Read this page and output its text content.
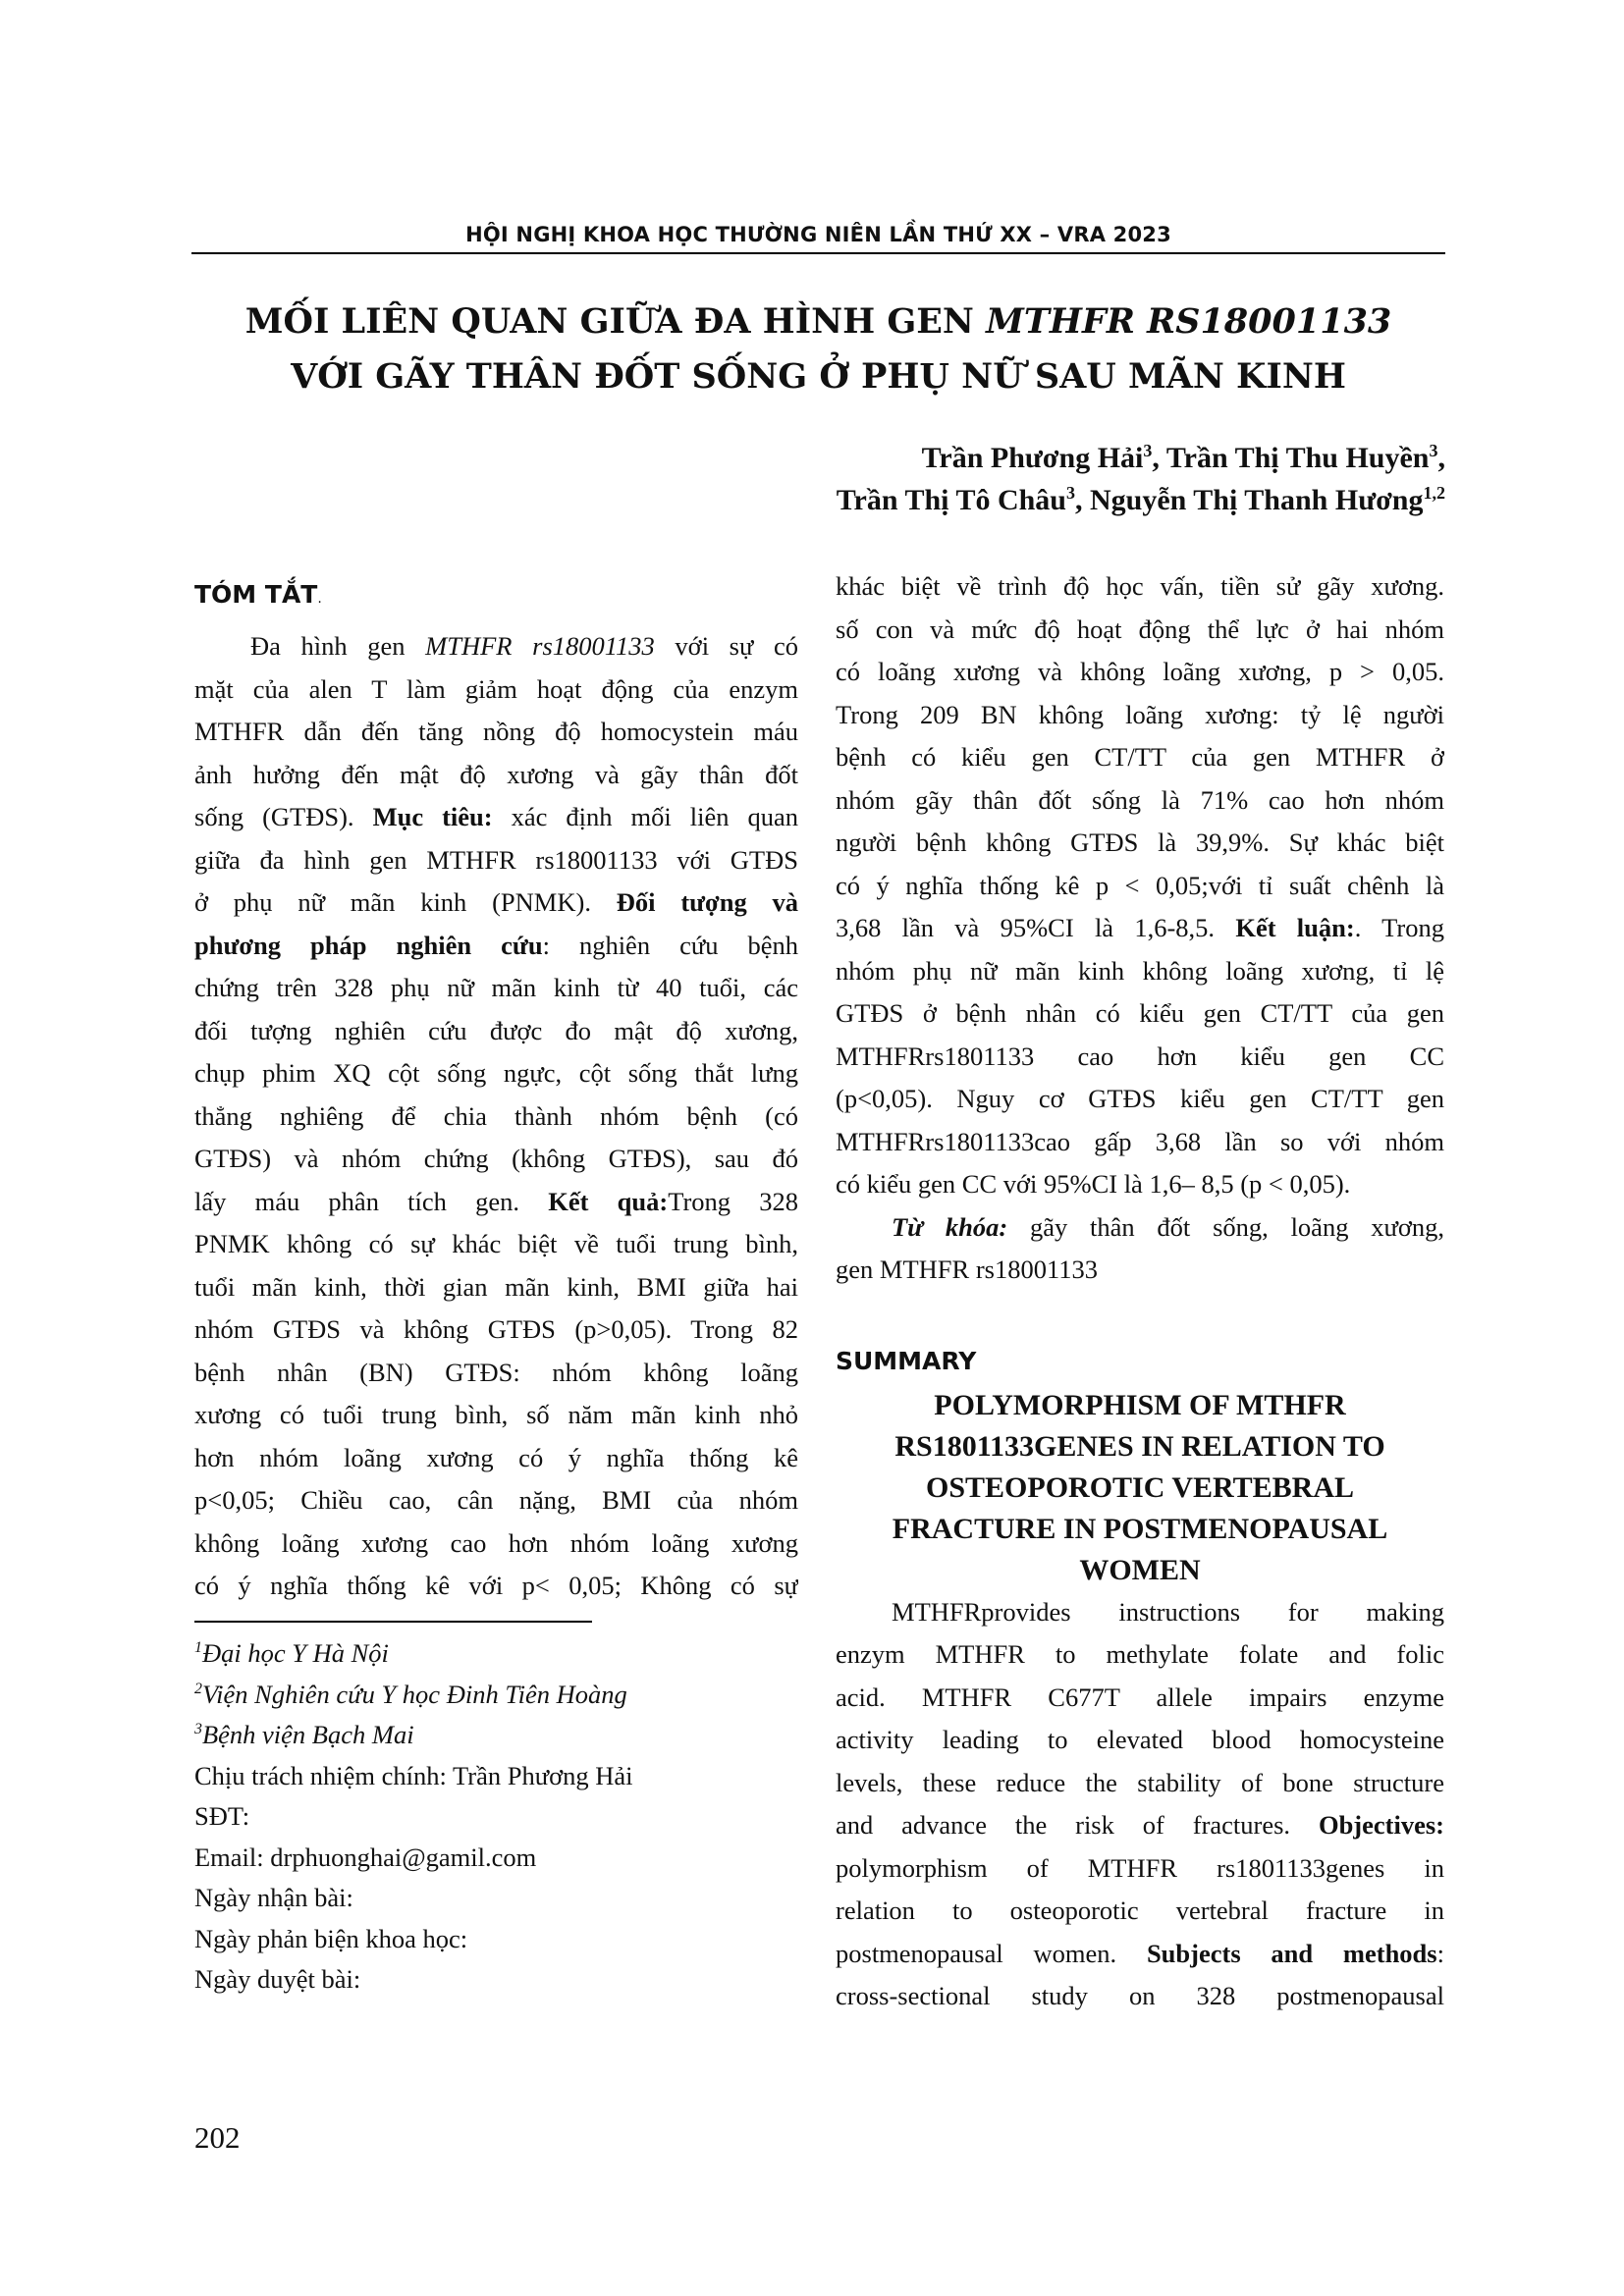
HỘI NGHỊ KHOA HỌC THƯỜNG NIÊN LẦN THỨ XX – VRA 2023
MỐI LIÊN QUAN GIỮA ĐA HÌNH GEN MTHFR RS18001133
VỚI GÃY THÂN ĐỐT SỐNG Ở PHỤ NỮ SAU MÃN KINH
Trần Phương Hải$^3$, Trần Thị Thu Huyền$^3$,
Trần Thị Tô Châu$^3$, Nguyễn Thị Thanh Hương$^{1,2}$
TÓM TẮT.
Đa hình gen MTHFR rs18001133 với sự có
mặt của alen T làm giảm hoạt động của enzym
MTHFR dẫn đến tăng nồng độ homocystein máu
ảnh hưởng đến mật độ xương và gãy thân đốt
sống (GTĐS). Mục tiêu: xác định mối liên quan
giữa đa hình gen MTHFR rs18001133 với GTĐS
ở phụ nữ mãn kinh (PNMK). Đối tượng và
phương pháp nghiên cứu: nghiên cứu bệnh
chứng trên 328 phụ nữ mãn kinh từ 40 tuổi, các
đối tượng nghiên cứu được đo mật độ xương,
chụp phim XQ cột sống ngực, cột sống thắt lưng
thẳng nghiêng để chia thành nhóm bệnh (có
GTĐS) và nhóm chứng (không GTĐS), sau đó
lấy máu phân tích gen. Kết quả:Trong 328
PNMK không có sự khác biệt về tuổi trung bình,
tuổi mãn kinh, thời gian mãn kinh, BMI giữa hai
nhóm GTĐS và không GTĐS (p>0,05). Trong 82
bệnh nhân (BN) GTĐS: nhóm không loãng
xương có tuổi trung bình, số năm mãn kinh nhỏ
hơn nhóm loãng xương có ý nghĩa thống kê
p<0,05; Chiều cao, cân nặng, BMI của nhóm
không loãng xương cao hơn nhóm loãng xương
có ý nghĩa thống kê với p< 0,05; Không có sự
khác biệt về trình độ học vấn, tiền sử gãy xương.
số con và mức độ hoạt động thể lực ở hai nhóm
có loãng xương và không loãng xương, p > 0,05.
Trong 209 BN không loãng xương: tỷ lệ người
bệnh có kiểu gen CT/TT của gen MTHFR ở
nhóm gãy thân đốt sống là 71% cao hơn nhóm
người bệnh không GTĐS là 39,9%. Sự khác biệt
có ý nghĩa thống kê p < 0,05;với tỉ suất chênh là
3,68 lần và 95%CI là 1,6-8,5. Kết luận:. Trong
nhóm phụ nữ mãn kinh không loãng xương, tỉ lệ
GTĐS ở bệnh nhân có kiểu gen CT/TT của gen
MTHFRrs1801133 cao hơn kiểu gen CC
(p<0,05). Nguy cơ GTĐS kiểu gen CT/TT gen
MTHFRrs1801133cao gấp 3,68 lần so với nhóm
có kiểu gen CC với 95%CI là 1,6– 8,5 (p < 0,05).
Từ khóa: gãy thân đốt sống, loãng xương,
gen MTHFR rs18001133
SUMMARY
POLYMORPHISM OF MTHFR
RS1801133GENES IN RELATION TO
OSTEOPOROTIC VERTEBRAL
FRACTURE IN POSTMENOPAUSAL
WOMEN
MTHFRprovides instructions for making
enzym MTHFR to methylate folate and folic
acid. MTHFR C677T allele impairs enzyme
activity leading to elevated blood homocysteine
levels, these reduce the stability of bone structure
and advance the risk of fractures. Objectives:
polymorphism of MTHFR rs1801133genes in
relation to osteoporotic vertebral fracture in
postmenopausal women. Subjects and methods:
cross-sectional study on 328 postmenopausal
$^1$Đại học Y Hà Nội
$^2$Viện Nghiên cứu Y học Đinh Tiên Hoàng
$^3$Bệnh viện Bạch Mai
Chịu trách nhiệm chính: Trần Phương Hải
SĐT:
Email: drphuonghai@gamil.com
Ngày nhận bài:
Ngày phản biện khoa học:
Ngày duyệt bài:
202
